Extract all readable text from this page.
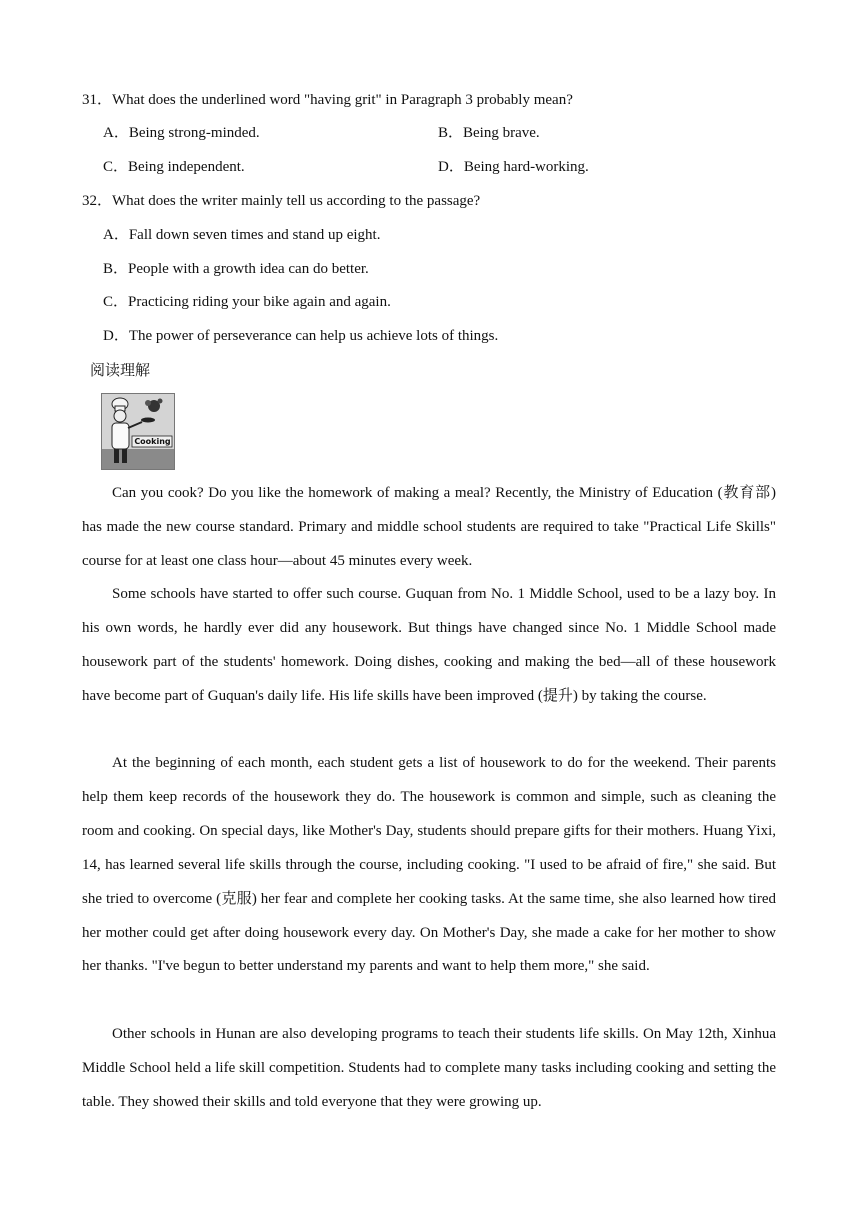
31．What does the underlined word "having grit" in Paragraph 3 probably mean?
A．Being strong-minded.	B．Being brave.
C．Being independent.	D．Being hard-working.
32．What does the writer mainly tell us according to the passage?
A．Fall down seven times and stand up eight.
B．People with a growth idea can do better.
C．Practicing riding your bike again and again.
D．The power of perseverance can help us achieve lots of things.
阅读理解
Cooking

Can you cook? Do you like the homework of making a meal? Recently, the Ministry of Education (教育部) has made the new course standard. Primary and middle school students are required to take "Practical Life Skills" course for at least one class hour—about 45 minutes every week.

Some schools have started to offer such course. Guquan from No. 1 Middle School, used to be a lazy boy. In his own words, he hardly ever did any housework. But things have changed since No. 1 Middle School made housework part of the students' homework. Doing dishes, cooking and making the bed—all of these housework have become part of Guquan's daily life. His life skills have been improved (提升) by taking the course.

At the beginning of each month, each student gets a list of housework to do for the weekend. Their parents help them keep records of the housework they do. The housework is common and simple, such as cleaning the room and cooking. On special days, like Mother's Day, students should prepare gifts for their mothers. Huang Yixi, 14, has learned several life skills through the course, including cooking. "I used to be afraid of fire," she said. But she tried to overcome (克服) her fear and complete her cooking tasks. At the same time, she also learned how tired her mother could get after doing housework every day. On Mother's Day, she made a cake for her mother to show her thanks. "I've begun to better understand my parents and want to help them more," she said.

Other schools in Hunan are also developing programs to teach their students life skills. On May 12th, Xinhua Middle School held a life skill competition. Students had to complete many tasks including cooking and setting the table. They showed their skills and told everyone that they were growing up.
